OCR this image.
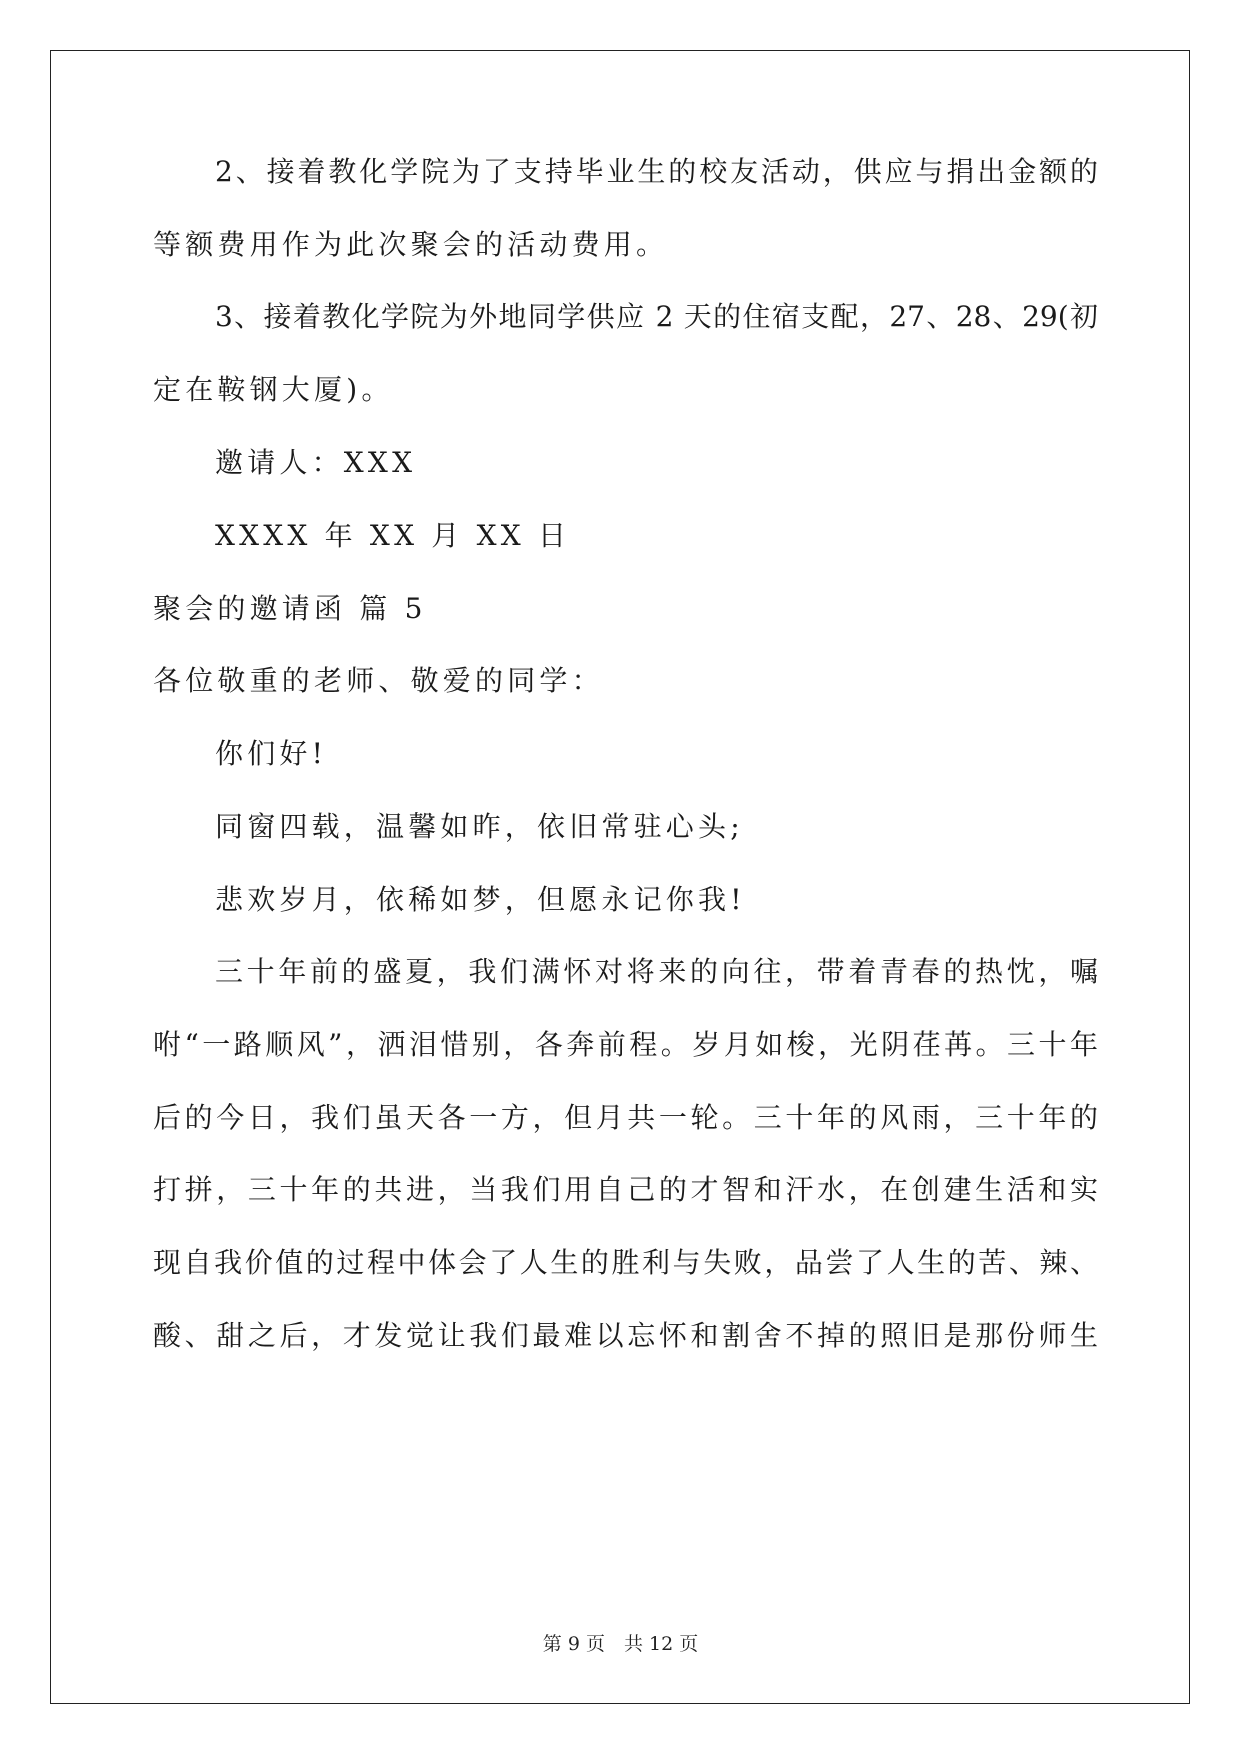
2、接着教化学院为了支持毕业生的校友活动，供应与捐出金额的
等额费用作为此次聚会的活动费用。
3、接着教化学院为外地同学供应 2 天的住宿支配，27、28、29(初
定在鞍钢大厦)。
邀请人：XXX
XXXX 年 XX 月 XX 日
聚会的邀请函 篇 5
各位敬重的老师、敬爱的同学：
你们好!
同窗四载，温馨如昨，依旧常驻心头;
悲欢岁月，依稀如梦，但愿永记你我!
三十年前的盛夏，我们满怀对将来的向往，带着青春的热忱，嘱
咐“一路顺风”，洒泪惜别，各奔前程。岁月如梭，光阴荏苒。三十年
后的今日，我们虽天各一方，但月共一轮。三十年的风雨，三十年的
打拼，三十年的共进，当我们用自己的才智和汗水，在创建生活和实
现自我价值的过程中体会了人生的胜利与失败，品尝了人生的苦、辣、
酸、甜之后，才发觉让我们最难以忘怀和割舍不掉的照旧是那份师生
第 9 页　共 12 页
